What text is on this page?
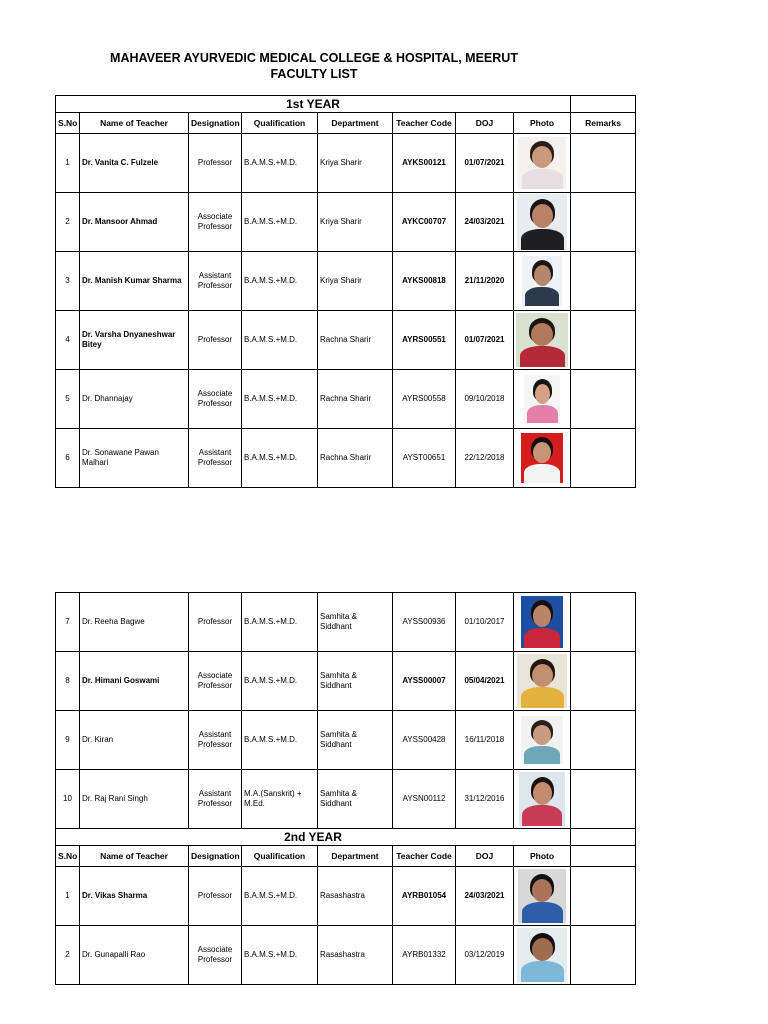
MAHAVEER AYURVEDIC MEDICAL COLLEGE & HOSPITAL, MEERUT
FACULTY LIST
1st YEAR								
S.No	Name of Teacher	Designation	Qualification	Department	Teacher Code	DOJ	Photo	Remarks
1	Dr. Vanita C. Fulzele	Professor	B.A.M.S.+M.D.	Kriya Sharir	AYKS00121	01/07/2021	

2	Dr. Mansoor Ahmad	Associate Professor	B.A.M.S.+M.D.	Kriya Sharir	AYKC00707	24/03/2021	

3	Dr. Manish Kumar Sharma	Assistant Professor	B.A.M.S.+M.D.	Kriya Sharir	AYKS00818	21/11/2020	

4	Dr. Varsha Dnyaneshwar Bitey	Professor	B.A.M.S.+M.D.	Rachna Sharir	AYRS00551	01/07/2021	

5	Dr. Dhannajay	Associate Professor	B.A.M.S.+M.D.	Rachna Sharir	AYRS00558	09/10/2018	

6	Dr. Sonawane Pawan Malhari	Assistant Professor	B.A.M.S.+M.D.	Rachna Sharir	AYST00651	22/12/2018	

7	Dr. Reeha Bagwe	Professor	B.A.M.S.+M.D.	Samhita & Siddhant	AYSS00936	01/10/2017	

8	Dr. Himani Goswami	Associate Professor	B.A.M.S.+M.D.	Samhita & Siddhant	AYSS00007	05/04/2021	

9	Dr. Kiran	Assistant Professor	B.A.M.S.+M.D.	Samhita & Siddhant	AYSS00428	16/11/2018	

10	Dr. Raj Rani Singh	Assistant Professor	M.A.(Sanskrit) + M.Ed.	Samhita & Siddhant	AYSN00112	31/12/2016	

2nd YEAR								
S.No	Name of Teacher	Designation	Qualification	Department	Teacher Code	DOJ	Photo	
1	Dr. Vikas Sharma	Professor	B.A.M.S.+M.D.	Rasashastra	AYRB01054	24/03/2021	

2	Dr. Gunapalli Rao	Associate Professor	B.A.M.S.+M.D.	Rasashastra	AYRB01332	03/12/2019	
